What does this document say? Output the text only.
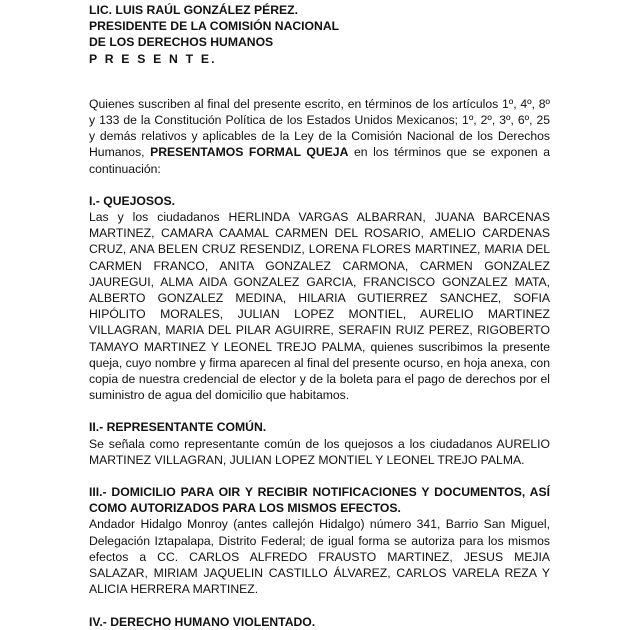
LIC. LUIS RAÚL GONZÁLEZ PÉREZ.
PRESIDENTE DE LA COMISIÓN NACIONAL
DE LOS DERECHOS HUMANOS
P R E S E N T E.

Quienes suscriben al final del presente escrito, en términos de los artículos 1º, 4º, 8º y 133 de la Constitución Política de los Estados Unidos Mexicanos; 1º, 2º, 3º, 6º, 25 y demás relativos y aplicables de la Ley de la Comisión Nacional de los Derechos Humanos, PRESENTAMOS FORMAL QUEJA en los términos que se exponen a continuación:

I.- QUEJOSOS.

Las y los ciudadanos HERLINDA VARGAS ALBARRAN, JUANA BARCENAS MARTINEZ, CAMARA CAAMAL CARMEN DEL ROSARIO, AMELIO CARDENAS CRUZ, ANA BELEN CRUZ RESENDIZ, LORENA FLORES MARTINEZ, MARIA DEL CARMEN FRANCO, ANITA GONZALEZ CARMONA, CARMEN GONZALEZ JAUREGUI, ALMA AIDA GONZALEZ GARCIA, FRANCISCO GONZALEZ MATA, ALBERTO GONZALEZ MEDINA, HILARIA GUTIERREZ SANCHEZ, SOFIA HIPÓLITO MORALES, JULIAN LOPEZ MONTIEL, AURELIO MARTINEZ VILLAGRAN, MARIA DEL PILAR AGUIRRE, SERAFIN RUIZ PEREZ, RIGOBERTO TAMAYO MARTINEZ Y LEONEL TREJO PALMA, quienes suscribimos la presente queja, cuyo nombre y firma aparecen al final del presente ocurso, en hoja anexa, con copia de nuestra credencial de elector y de la boleta para el pago de derechos por el suministro de agua del domicilio que habitamos.

II.- REPRESENTANTE COMÚN.

Se señala como representante común de los quejosos a los ciudadanos AURELIO MARTINEZ VILLAGRAN, JULIAN LOPEZ MONTIEL Y LEONEL TREJO PALMA.

III.- DOMICILIO PARA OIR Y RECIBIR NOTIFICACIONES Y DOCUMENTOS, ASÍ COMO AUTORIZADOS PARA LOS MISMOS EFECTOS.

Andador Hidalgo Monroy (antes callejón Hidalgo) número 341, Barrio San Miguel, Delegación Iztapalapa, Distrito Federal; de igual forma se autoriza para los mismos efectos a CC. CARLOS ALFREDO FRAUSTO MARTINEZ, JESUS MEJIA SALAZAR, MIRIAM JAQUELIN CASTILLO ÁLVAREZ, CARLOS VARELA REZA Y ALICIA HERRERA MARTINEZ.

IV.- DERECHO HUMANO VIOLENTADO.
